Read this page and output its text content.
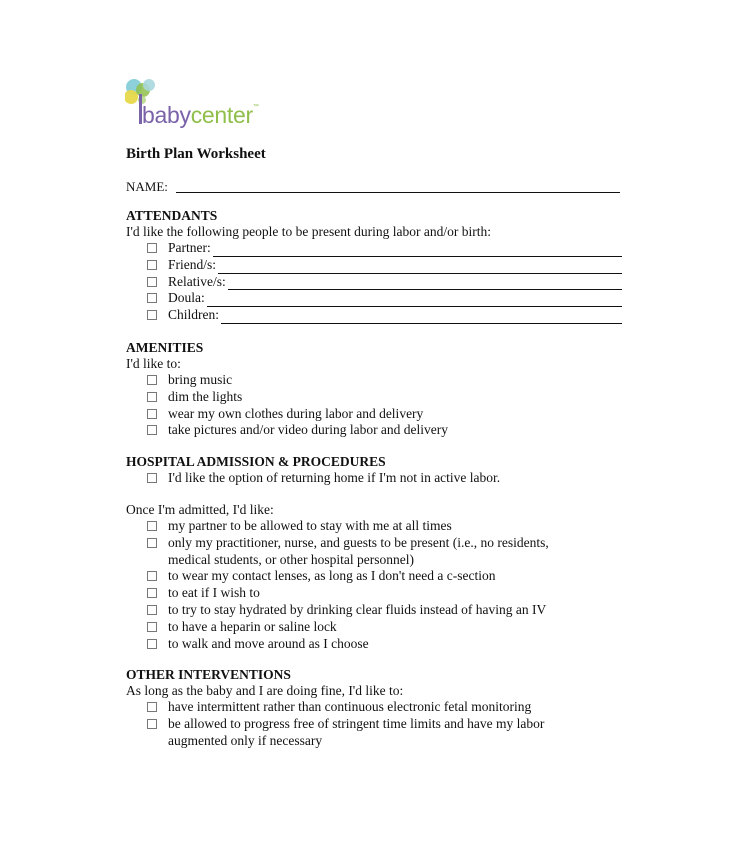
babycenter™
Birth Plan Worksheet
NAME:
ATTENDANTS
I'd like the following people to be present during labor and/or birth:
Partner:
Friend/s:
Relative/s:
Doula:
Children:
AMENITIES
I'd like to:
bring music
dim the lights
wear my own clothes during labor and delivery
take pictures and/or video during labor and delivery
HOSPITAL ADMISSION & PROCEDURES
I'd like the option of returning home if I'm not in active labor.
Once I'm admitted, I'd like:
my partner to be allowed to stay with me at all times
only my practitioner, nurse, and guests to be present (i.e., no residents, medical students, or other hospital personnel)
to wear my contact lenses, as long as I don't need a c-section
to eat if I wish to
to try to stay hydrated by drinking clear fluids instead of having an IV
to have a heparin or saline lock
to walk and move around as I choose
OTHER INTERVENTIONS
As long as the baby and I are doing fine, I'd like to:
have intermittent rather than continuous electronic fetal monitoring
be allowed to progress free of stringent time limits and have my labor augmented only if necessary
